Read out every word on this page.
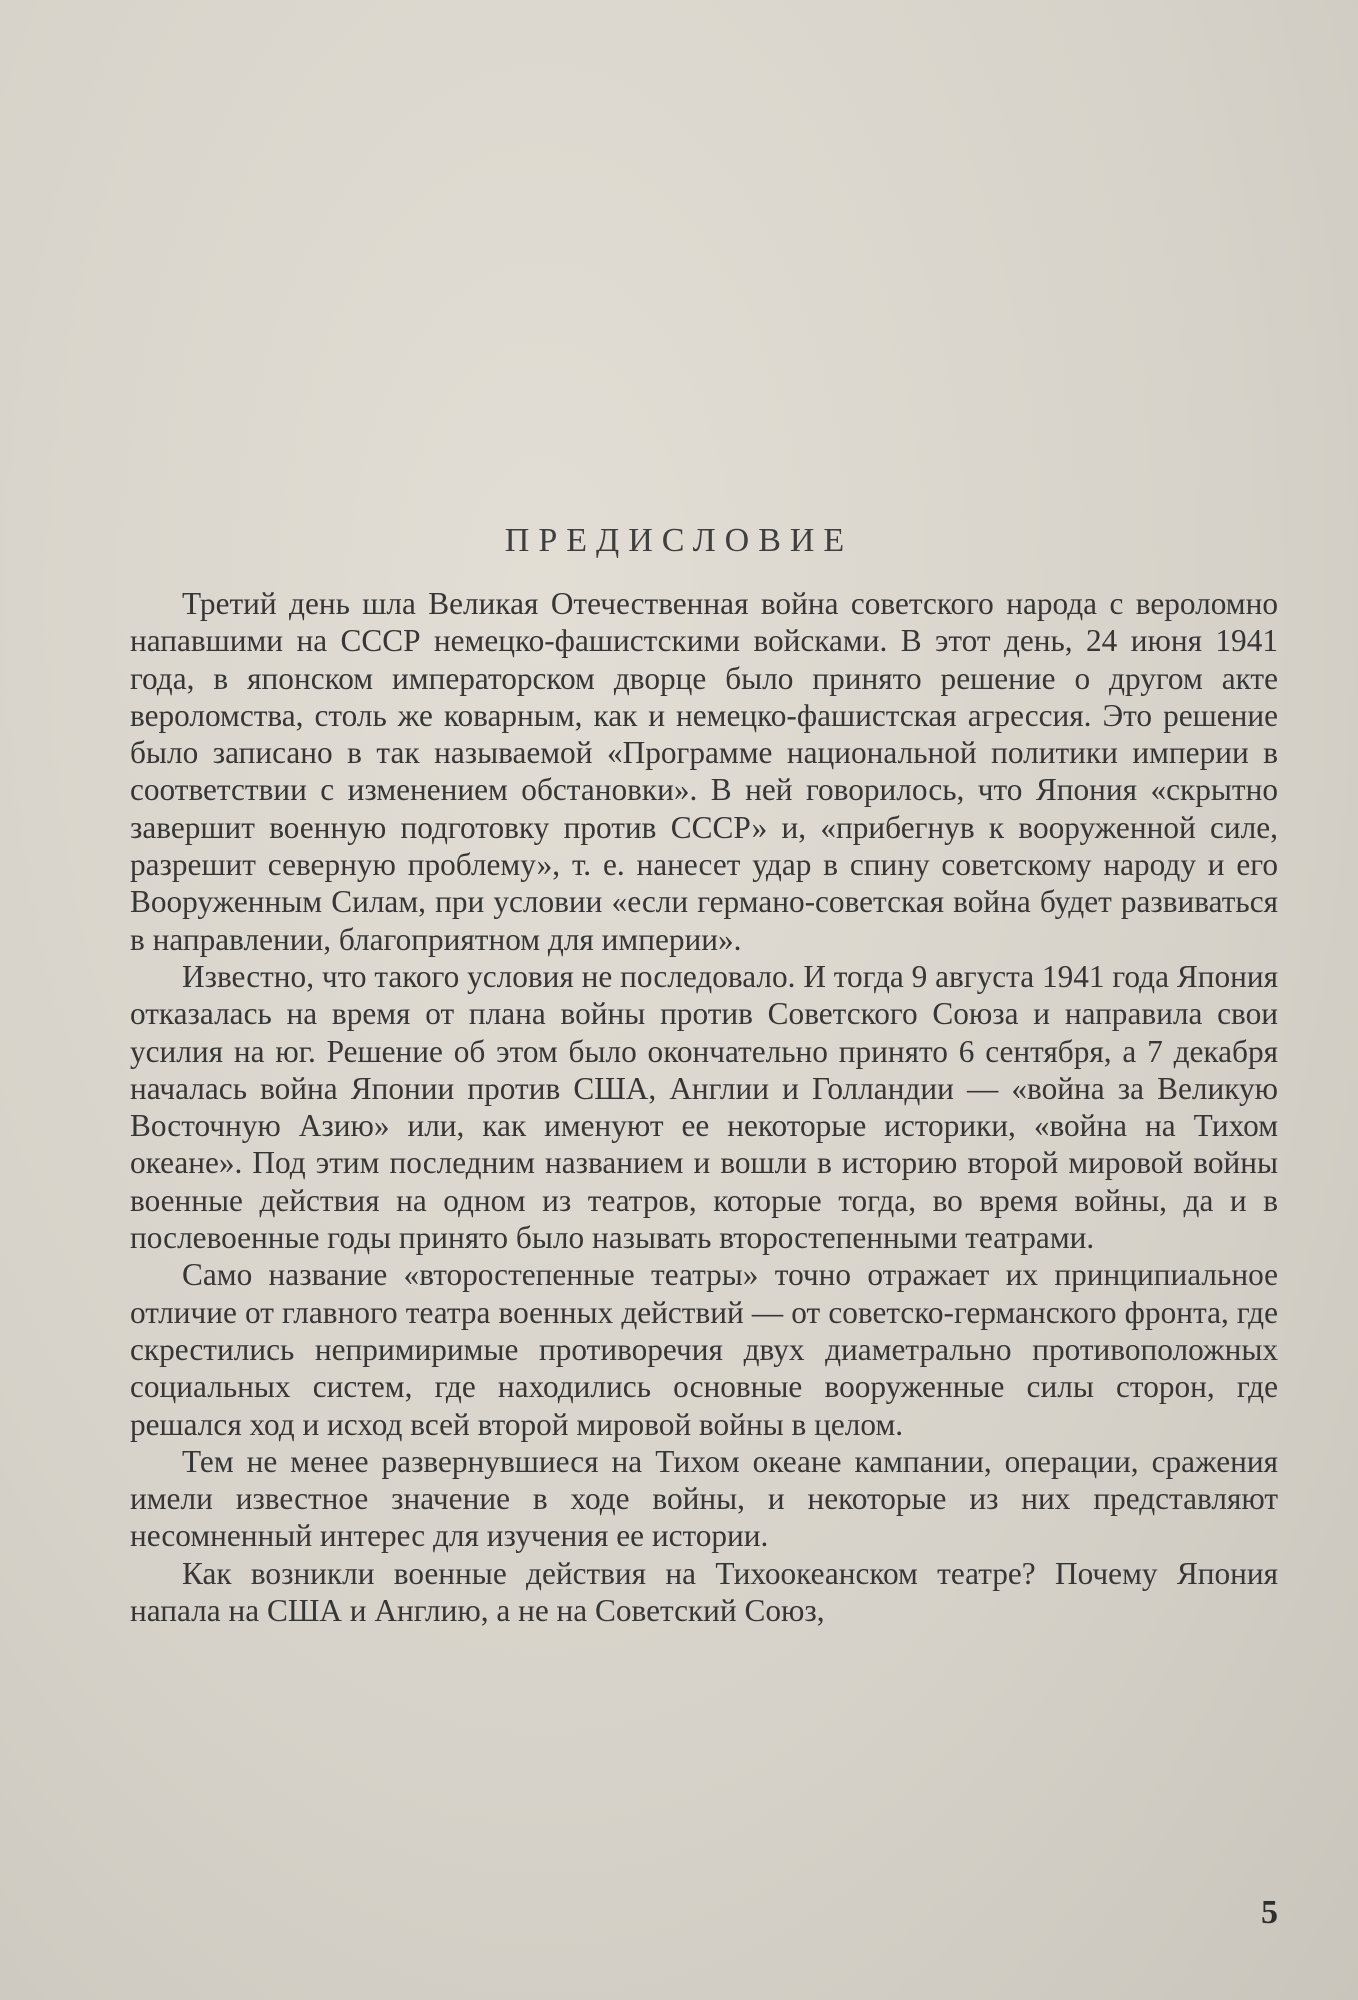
ПРЕДИСЛОВИЕ

Третий день шла Великая Отечественная война советского народа с вероломно напавшими на СССР немецко-фашистскими войсками. В этот день, 24 июня 1941 года, в японском императорском дворце было принято решение о другом акте вероломства, столь же коварным, как и немецко-фашистская агрессия. Это решение было записано в так называемой «Программе национальной политики империи в соответствии с изменением обстановки». В ней говорилось, что Япония «скрытно завершит военную подготовку против СССР» и, «прибегнув к вооруженной силе, разрешит северную проблему», т. е. нанесет удар в спину советскому народу и его Вооруженным Силам, при условии «если германо-советская война будет развиваться в направлении, благоприятном для империи».

Известно, что такого условия не последовало. И тогда 9 августа 1941 года Япония отказалась на время от плана войны против Советского Союза и направила свои усилия на юг. Решение об этом было окончательно принято 6 сентября, а 7 декабря началась война Японии против США, Англии и Голландии — «война за Великую Восточную Азию» или, как именуют ее некоторые историки, «война на Тихом океане». Под этим последним названием и вошли в историю второй мировой войны военные действия на одном из театров, которые тогда, во время войны, да и в послевоенные годы принято было называть второстепенными театрами.

Само название «второстепенные театры» точно отражает их принципиальное отличие от главного театра военных действий — от советско-германского фронта, где скрестились непримиримые противоречия двух диаметрально противоположных социальных систем, где находились основные вооруженные силы сторон, где решался ход и исход всей второй мировой войны в целом.

Тем не менее развернувшиеся на Тихом океане кампании, операции, сражения имели известное значение в ходе войны, и некоторые из них представляют несомненный интерес для изучения ее истории.

Как возникли военные действия на Тихоокеанском театре? Почему Япония напала на США и Англию, а не на Советский Союз,

5
